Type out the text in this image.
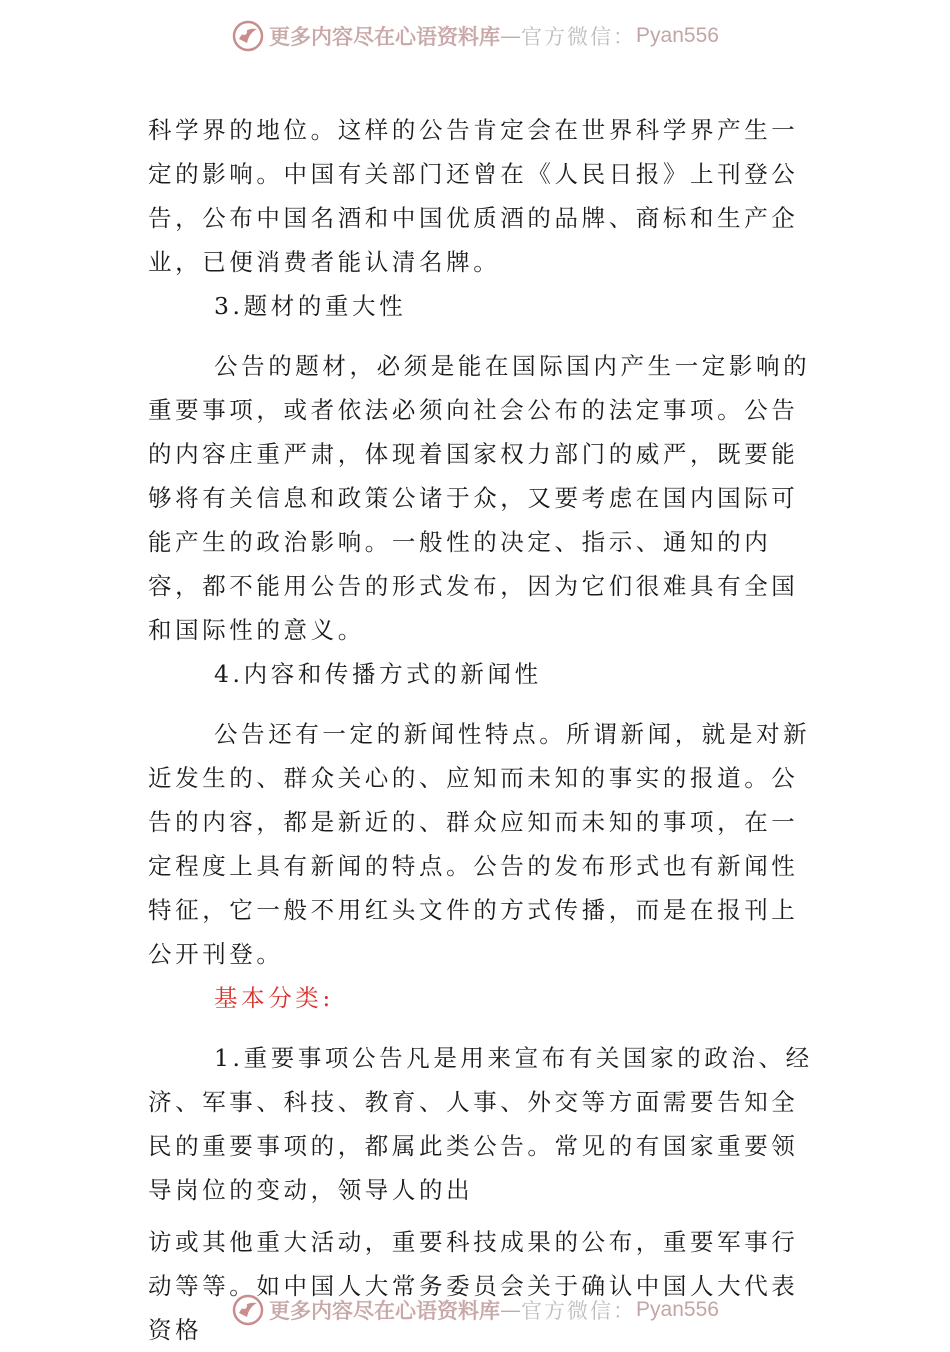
更多内容尽在心语资料库 — 官方微信： Pyan556

科学界的地位。这样的公告肯定会在世界科学界产生一定的影响。中国有关部门还曾在《人民日报》上刊登公告，公布中国名酒和中国优质酒的品牌、商标和生产企业，已便消费者能认清名牌。

3.题材的重大性

公告的题材，必须是能在国际国内产生一定影响的重要事项，或者依法必须向社会公布的法定事项。公告的内容庄重严肃，体现着国家权力部门的威严，既要能够将有关信息和政策公诸于众，又要考虑在国内国际可能产生的政治影响。一般性的决定、指示、通知的内容，都不能用公告的形式发布，因为它们很难具有全国和国际性的意义。

4.内容和传播方式的新闻性

公告还有一定的新闻性特点。所谓新闻，就是对新近发生的、群众关心的、应知而未知的事实的报道。公告的内容，都是新近的、群众应知而未知的事项，在一定程度上具有新闻的特点。公告的发布形式也有新闻性特征，它一般不用红头文件的方式传播，而是在报刊上公开刊登。

基本分类:

1.重要事项公告凡是用来宣布有关国家的政治、经济、军事、科技、教育、人事、外交等方面需要告知全民的重要事项的，都属此类公告。常见的有国家重要领导岗位的变动，领导人的出

访或其他重大活动，重要科技成果的公布，重要军事行动等等。如中国人大常务委员会关于确认中国人大代表资格

更多内容尽在心语资料库 — 官方微信： Pyan556
